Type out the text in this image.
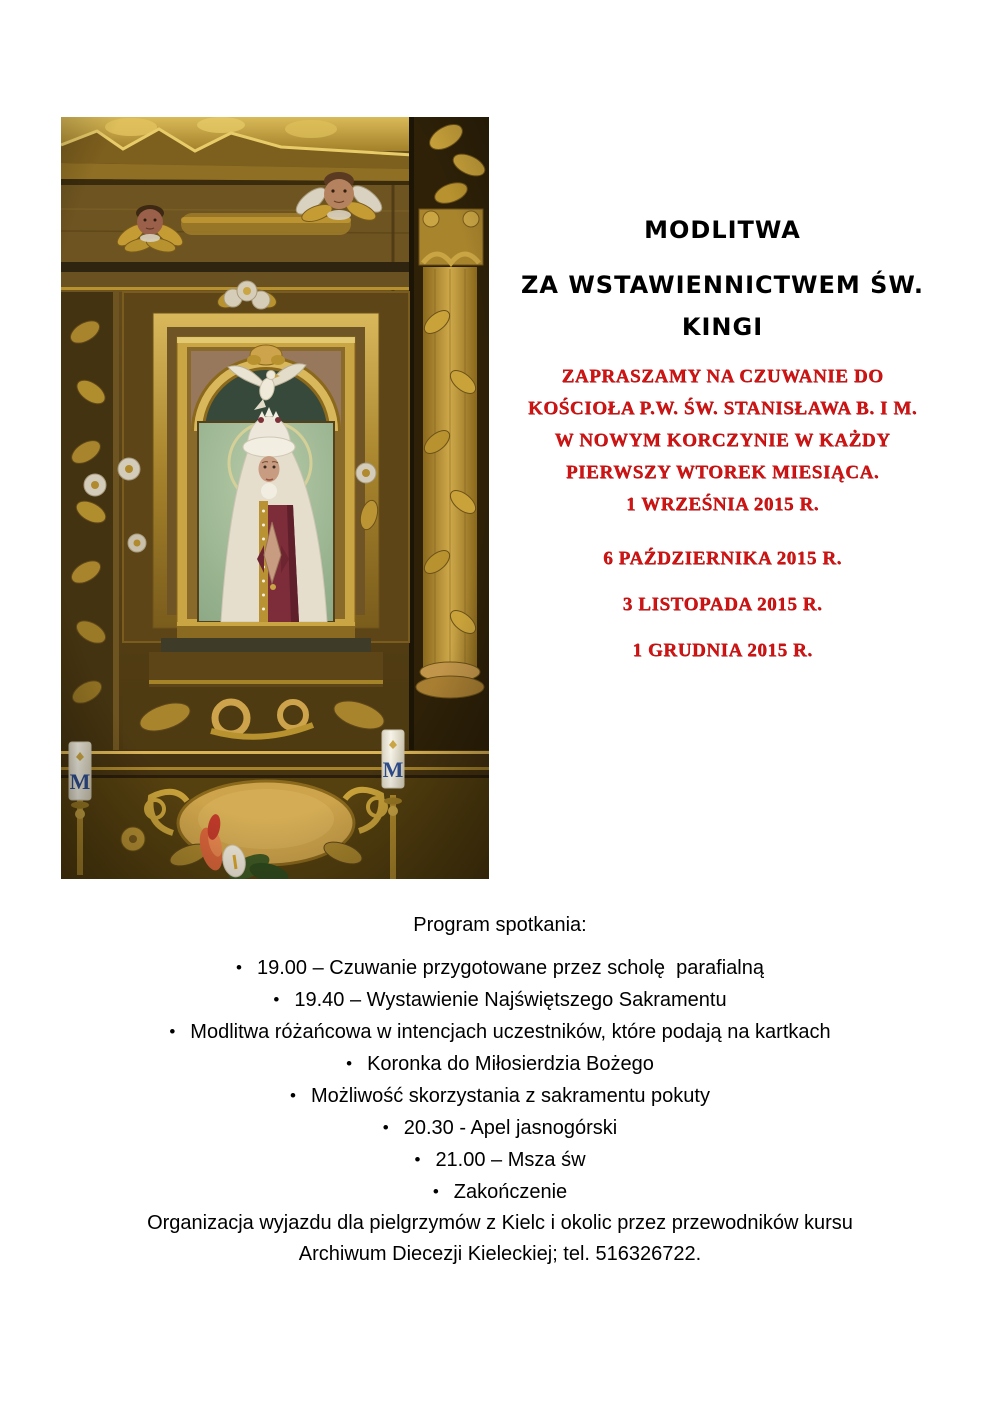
MODLITWA
ZA WSTAWIENNICTWEM ŚW.
KINGI
ZAPRASZAMY NA CZUWANIE DO
KOŚCIOŁA P.W. ŚW. STANISŁAWA B. I M.
W NOWYM KORCZYNIE W KAŻDY
PIERWSZY WTOREK MIESIĄCA.
1 WRZEŚNIA 2015 R.
6 PAŹDZIERNIKA 2015 R.
3 LISTOPADA 2015 R.
1 GRUDNIA 2015 R.
Program spotkania:
• 19.00 – Czuwanie przygotowane przez scholę  parafialną
• 19.40 – Wystawienie Najświętszego Sakramentu
• Modlitwa różańcowa w intencjach uczestników, które podają na kartkach
• Koronka do Miłosierdzia Bożego
• Możliwość skorzystania z sakramentu pokuty
• 20.30 - Apel jasnogórski
• 21.00 – Msza św
• Zakończenie
Organizacja wyjazdu dla pielgrzymów z Kielc i okolic przez przewodników kursu
Archiwum Diecezji Kieleckiej; tel. 516326722.
